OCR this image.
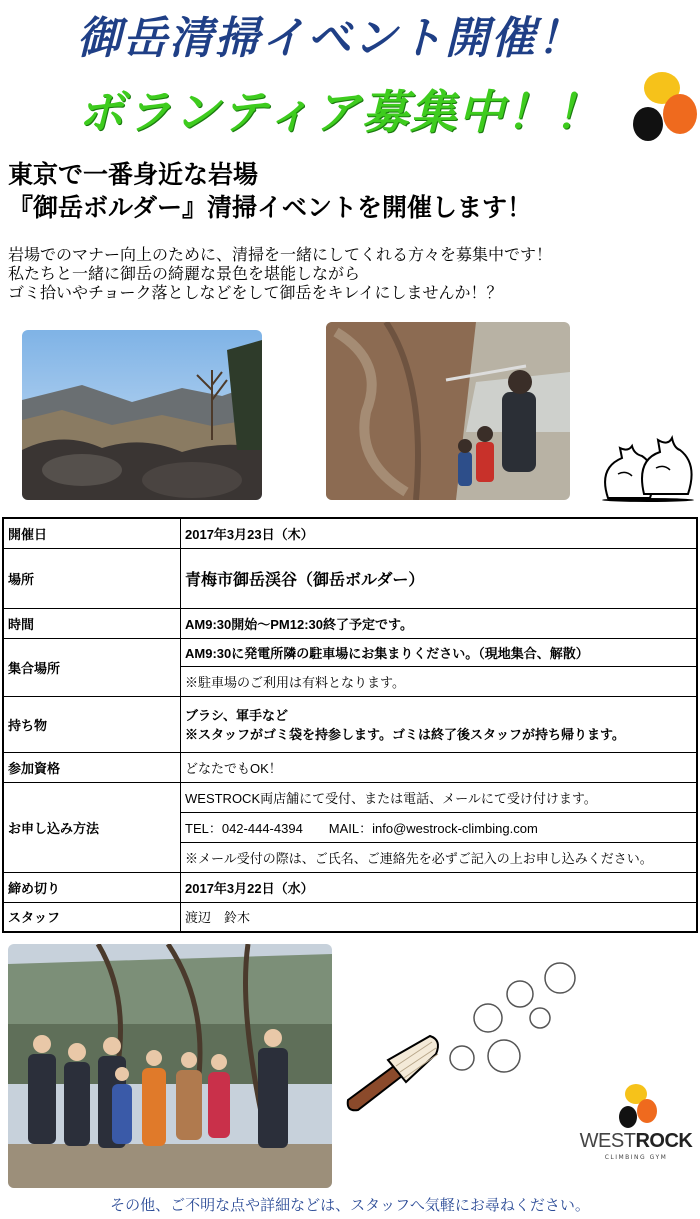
御岳清掃イベント開催！
ボランティア募集中！！
東京で一番身近な岩場
『御岳ボルダー』清掃イベントを開催します！
岩場でのマナー向上のために、清掃を一緒にしてくれる方々を募集中です！
私たちと一緒に御岳の綺麗な景色を堪能しながら
ゴミ拾いやチョーク落としなどをして御岳をキレイにしませんか！？
開催日	2017年3月23日（木）
場所	青梅市御岳渓谷（御岳ボルダー）
時間	AM9:30開始～PM12:30終了予定です。
集合場所	AM9:30に発電所隣の駐車場にお集まりください。（現地集合、解散）
	※駐車場のご利用は有料となります。
持ち物	ブラシ、軍手など
※スタッフがゴミ袋を持参します。ゴミは終了後スタッフが持ち帰ります。

参加資格	どなたでもOK！
お申し込み方法	WESTROCK両店舗にて受付、または電話、メールにて受け付けます。
	TEL：042-444-4394　　MAIL：info@westrock-climbing.com
	※メール受付の際は、ご氏名、ご連絡先を必ずご記入の上お申し込みください。
締め切り	2017年3月22日（水）
スタッフ	渡辺　鈴木
WESTROCK
CLIMBING GYM
その他、ご不明な点や詳細などは、スタッフへ気軽にお尋ねください。
